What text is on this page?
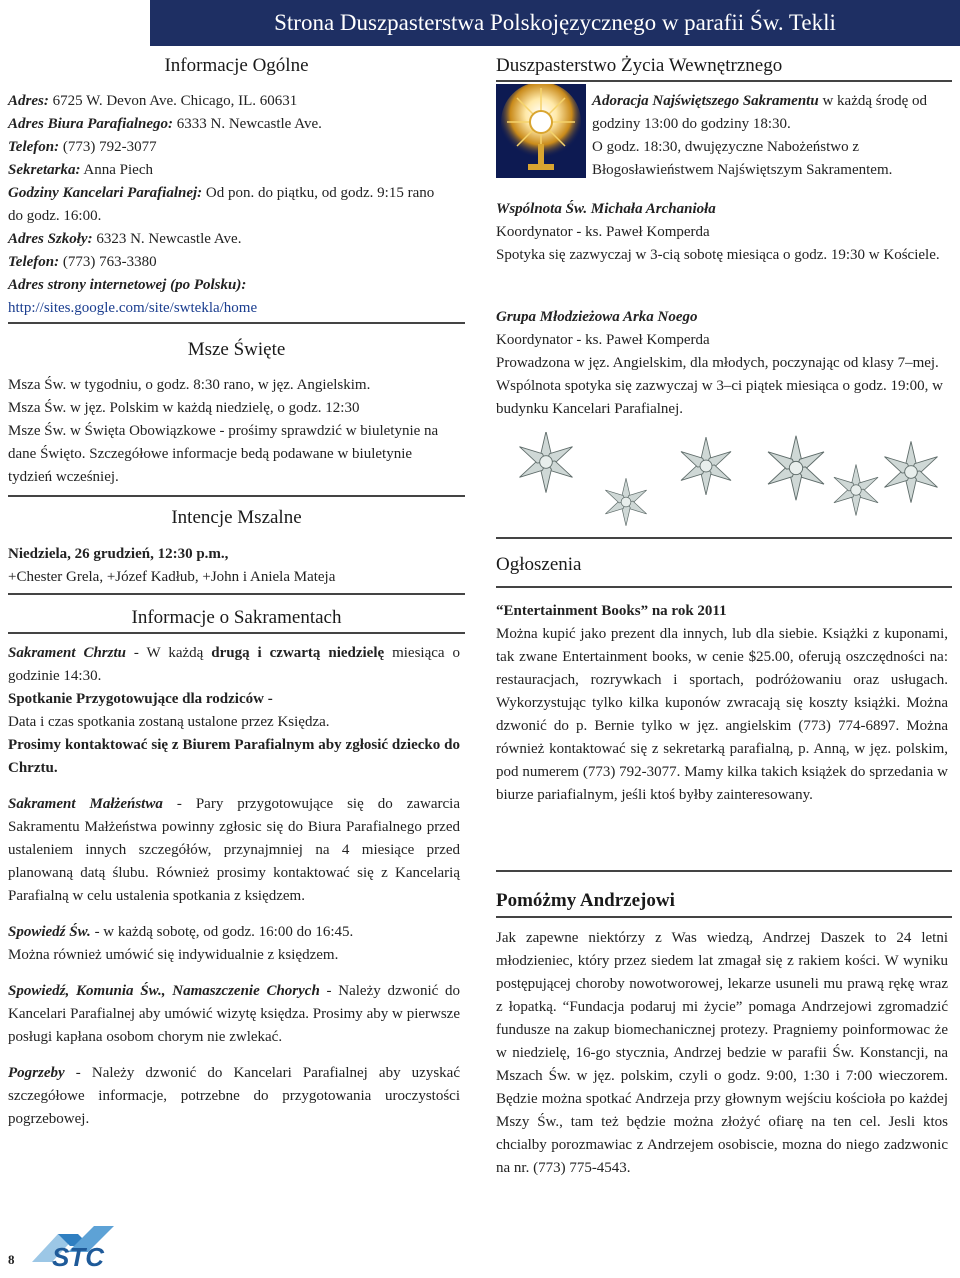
Strona Duszpasterstwa Polskojęzycznego w parafii Św. Tekli
Informacje Ogólne

Adres: 6725 W. Devon Ave. Chicago, IL. 60631

Adres Biura Parafialnego: 6333 N. Newcastle Ave.

Telefon: (773) 792-3077

Sekretarka: Anna Piech

Godziny Kancelari Parafialnej: Od pon. do piątku, od godz. 9:15 rano do godz. 16:00.

Adres Szkoły: 6323 N. Newcastle Ave.

Telefon: (773) 763-3380

Adres strony internetowej (po Polsku):

http://sites.google.com/site/swtekla/home

Msze Święte

Msza Św. w tygodniu, o godz. 8:30 rano, w jęz. Angielskim.

Msza Św. w jęz. Polskim w każdą niedzielę, o godz. 12:30

Msze Św. w Święta Obowiązkowe - prośimy sprawdzić w biuletynie na dane Święto. Szczegółowe informacje bedą podawane w biuletynie tydzień wcześniej.

Intencje Mszalne

Niedziela, 26 grudzień, 12:30 p.m.,

+Chester Grela, +Józef Kadłub, +John i Aniela Mateja

Informacje o Sakramentach

Sakrament Chrztu - W każdą drugą i czwartą niedzielę miesiąca o godzinie 14:30.

Spotkanie Przygotowujące dla rodziców -

Data i czas spotkania zostaną ustalone przez Księdza.

Prosimy kontaktować się z Biurem Parafialnym aby zgłosić dziecko do Chrztu.

Sakrament Małżeństwa - Pary przygotowujące się do zawarcia Sakramentu Małżeństwa powinny zgłosic się do Biura Parafialnego przed ustaleniem innych szczegółów, przynajmniej na 4 miesiące przed planowaną datą ślubu. Również prosimy kontaktować się z Kancelarią Parafialną w celu ustalenia spotkania z księdzem.

Spowiedź Św. - w każdą sobotę, od godz. 16:00 do 16:45.

Można również umówić się indywidualnie z księdzem.

Spowiedź, Komunia Św., Namaszczenie Chorych - Należy dzwonić do Kancelari Parafialnej aby umówić wizytę księdza. Prosimy aby w pierwsze posługi kapłana osobom chorym nie zwlekać.

Pogrzeby - Należy dzwonić do Kancelari Parafialnej aby uzyskać szczegółowe informacje, potrzebne do przygotowania uroczystości pogrzebowej.

Duszpasterstwo Życia Wewnętrznego

Adoracja Najświętszego Sakramentu w każdą środę od godziny 13:00 do godziny 18:30.

O godz. 18:30, dwujęzyczne Nabożeństwo z Błogosławieństwem Najświętszym Sakramentem.

Wspólnota Św. Michała Archanioła

Koordynator - ks. Paweł Komperda

Spotyka się zazwyczaj w 3-cią sobotę miesiąca o godz. 19:30 w Kościele.

Grupa Młodzieżowa Arka Noego

Koordynator - ks. Paweł Komperda

Prowadzona w jęz. Angielskim, dla młodych, poczynając od klasy 7–mej. Wspólnota spotyka się zazwyczaj w 3–ci piątek miesiąca o godz. 19:00, w budynku Kancelari Parafialnej.

Ogłoszenia

“Entertainment Books” na rok 2011

Można kupić jako prezent dla innych, lub dla siebie. Książki z kuponami, tak zwane Entertainment books, w cenie $25.00, oferują oszczędności na: restauracjach, rozrywkach i sportach, podróżowaniu oraz usługach. Wykorzystując tylko kilka kuponów zwracają się koszty książki. Można dzwonić do p. Bernie tylko w jęz. angielskim (773) 774-6897. Można również kontaktować się z sekretarką parafialną, p. Anną, w jęz. polskim, pod numerem (773) 792-3077. Mamy kilka takich książek do sprzedania w biurze pariafialnym, jeśli ktoś byłby zainteresowany.

Pomóżmy Andrzejowi

Jak zapewne niektórzy z Was wiedzą, Andrzej Daszek to 24 letni młodzieniec, który przez siedem lat zmagał się z rakiem kości. W wyniku postępującej choroby nowotworowej, lekarze usuneli mu prawą rękę wraz z łopatką. “Fundacja podaruj mi życie” pomaga Andrzejowi zgromadzić fundusze na zakup biomechanicznej protezy. Pragniemy poinformowac że w niedzielę, 16-go stycznia, Andrzej bedzie w parafii Św. Konstancji, na Mszach Św. w jęz. polskim, czyli o godz. 9:00, 1:30 i 7:00 wieczorem. Będzie można spotkać Andrzeja przy głownym wejściu kościoła po każdej Mszy Św., tam też będzie można złożyć ofiarę na ten cel. Jesli ktos chcialby porozmawiac z Andrzejem osobiscie, mozna do niego zadzwonic na nr. (773) 775-4543.

8 STC
